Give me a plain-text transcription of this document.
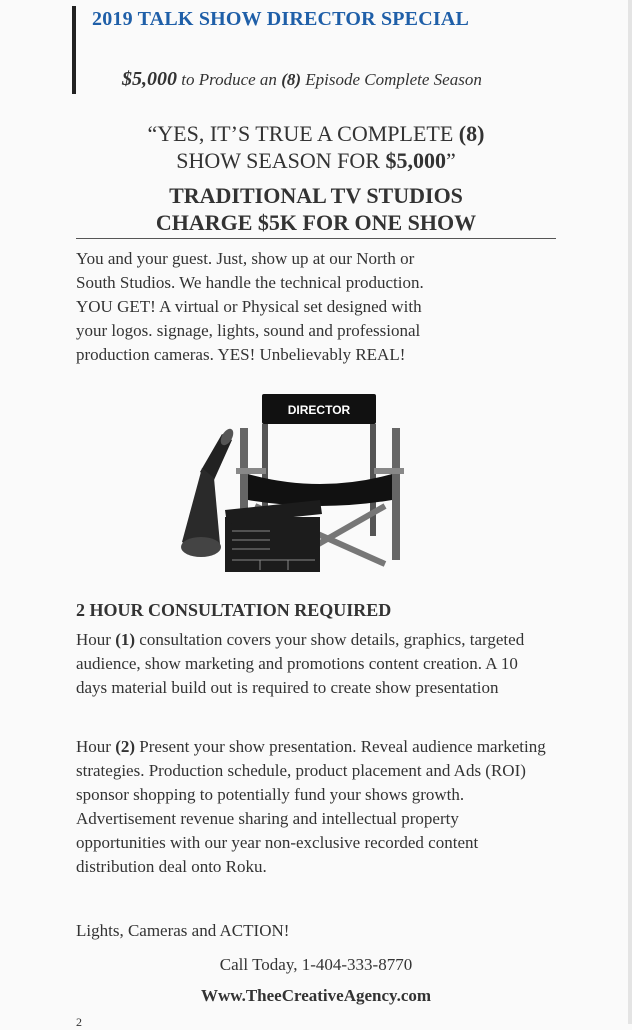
2019 TALK SHOW DIRECTOR SPECIAL
$5,000 to Produce an (8) Episode Complete Season
“YES, IT’S TRUE A COMPLETE (8)
SHOW SEASON FOR $5,000”
TRADITIONAL TV STUDIOS
CHARGE $5K FOR ONE SHOW
You and your guest. Just, show up at our North or
South Studios. We handle the technical production.
YOU GET! A virtual or Physical set designed with
your logos. signage, lights, sound and professional
production cameras. YES! Unbelievably REAL!
DIRECTOR
2 HOUR CONSULTATION REQUIRED
Hour (1) consultation covers your show details, graphics, targeted audience, show marketing and promotions content creation. A 10 days material build out is required to create show presentation
Hour (2) Present your show presentation. Reveal audience marketing strategies. Production schedule, product placement and Ads (ROI) sponsor shopping to potentially fund your shows growth. Advertisement revenue sharing and intellectual property opportunities with our year non-exclusive recorded content distribution deal onto Roku.
Lights, Cameras and ACTION!
Call Today, 1-404-333-8770
Www.TheeCreativeAgency.com
2
